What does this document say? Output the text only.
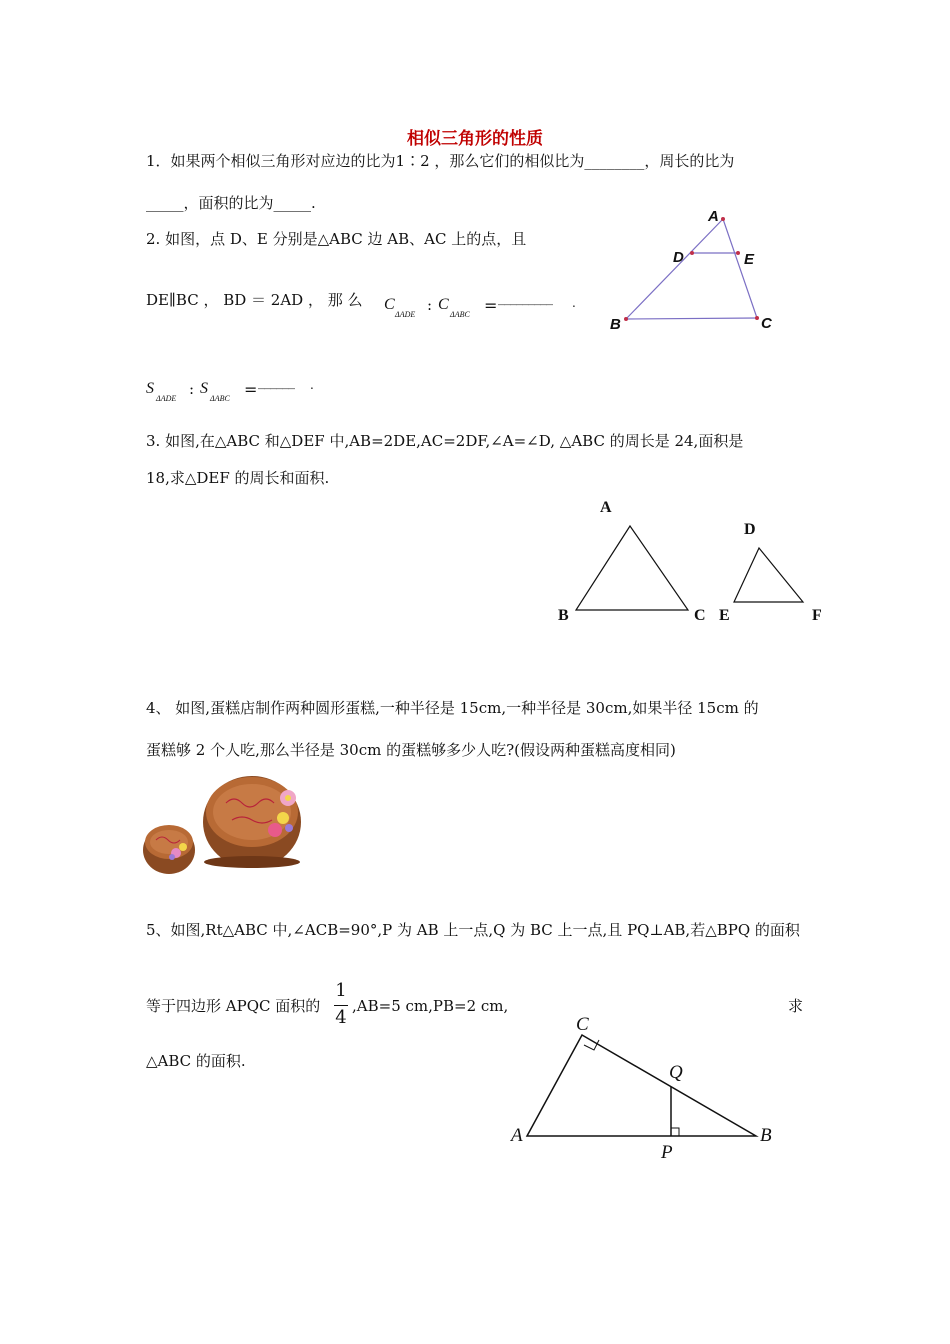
相似三角形的性质
1．如果两个相似三角形对应边的比为1∶2 ，那么它们的相似比为________，周长的比为
_____，面积的比为_____.
2. 如图，点 D、E 分别是△ABC 边 AB、AC 上的点，且
DE∥BC ， BD ＝ 2AD ， 那 么 C
ΔADE
: C
ΔABC = _________ .
S
ΔADE
: S
ΔABC = ______ .
A
B	C
D	E
3. 如图,在△ABC 和△DEF 中,AB=2DE,AC=2DF,∠A=∠D, △ABC 的周长是 24,面积是
18,求△DEF 的周长和面积.
A
B	C
D
E	F
4、 如图,蛋糕店制作两种圆形蛋糕,一种半径是 15cm,一种半径是 30cm,如果半径 15cm 的
蛋糕够 2 个人吃,那么半径是 30cm 的蛋糕够多少人吃?(假设两种蛋糕高度相同)
5、如图,Rt△ABC 中,∠ACB=90°,P 为 AB 上一点,Q 为 BC 上一点,且 PQ⊥AB,若△BPQ 的面积
等于四边形 APQC 面积的
1
4
,AB=5 cm,PB=2 cm,	求
△ABC 的面积.
A	B
C
P
Q
